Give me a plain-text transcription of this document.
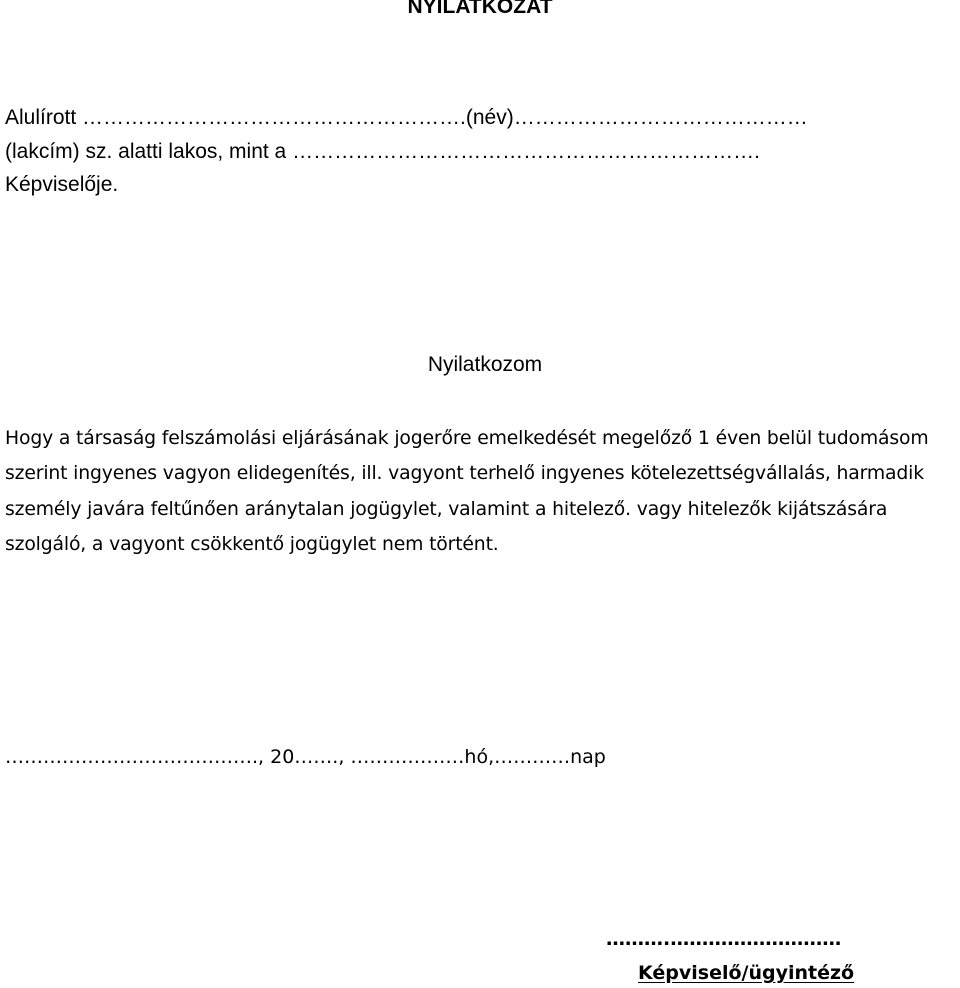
NYILATKOZAT
Alulírott ……………………………………………….(név)……………………………………
(lakcím) sz. alatti lakos, mint a ………………………………………………………….
Képviselője.
Nyilatkozom

Hogy a társaság felszámolási eljárásának jogerőre emelkedését megelőző 1 éven belül tudomásom szerint ingyenes vagyon elidegenítés, ill. vagyont terhelő ingyenes kötelezettségvállalás, harmadik személy javára feltűnően aránytalan jogügylet, valamint a hitelező. vagy hitelezők kijátszására szolgáló, a vagyont csökkentő jogügylet nem történt.

…………………………………., 20……., ………………hó,…………nap
……….………………………
Képviselő/ügyintéző
